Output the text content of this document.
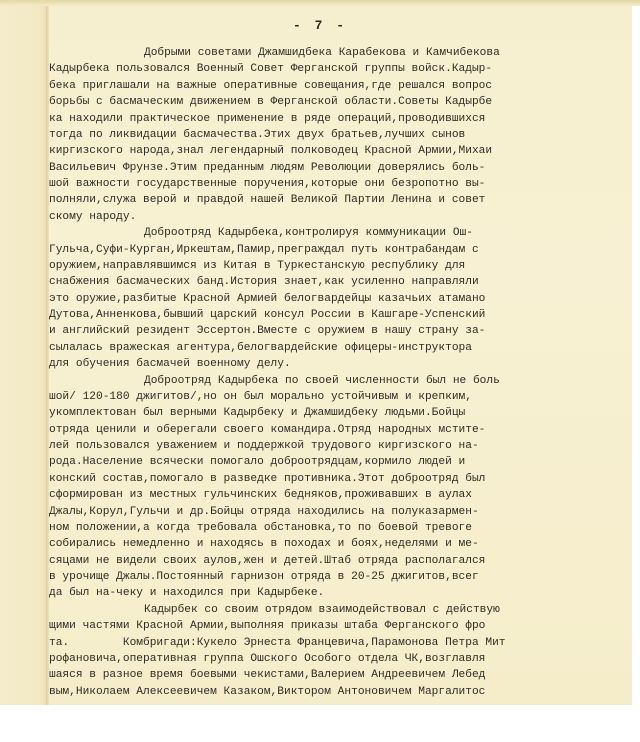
- 7 -
Добрыми советами Джамшидбека Карабекова и Камчибекова
Кадырбека пользовался Военный Совет Ферганской группы войск.Кадыр-
бека приглашали на важные оперативные совещания,где решался вопрос
борьбы с басмаческим движением в Ферганской области.Советы Кадырбе
ка находили практическое применение в ряде операций,проводившихся
тогда по ликвидации басмачества.Этих двух братьев,лучших сынов
киргизского народа,знал легендарный полководец Красной Армии,Михаи
Васильевич Фрунзе.Этим преданным людям Революции доверялись боль-
шой важности государственные поручения,которые они безропотно вы-
полняли,служа верой и правдой нашей Великой Партии Ленина и совет
скому народу.
Доброотряд Кадырбека,контролируя коммуникации Ош-
Гульча,Суфи-Курган,Иркештам,Памир,преграждал путь контрабандам с
оружием,направлявшимся из Китая в Туркестанскую республику для
снабжения басмаческих банд.История знает,как усиленно направляли
это оружие,разбитые Красной Армией белогвардейцы казачьих атамано
Дутова,Анненкова,бывший царский консул России в Кашгаре-Успенский
и английский резидент Эссертон.Вместе с оружием в нашу страну за-
сылалась вражеская агентура,белогвардейские офицеры-инструктора
для обучения басмачей военному делу.
Доброотряд Кадырбека по своей численности был не боль
шой/ 120-180 джигитов/,но он был морально устойчивым и крепким,
укомплектован был верными Кадырбеку и Джамшидбеку людьми.Бойцы
отряда ценили и оберегали своего командира.Отряд народных мстите-
лей пользовался уважением и поддержкой трудового киргизского на-
рода.Население всячески помогало доброотрядцам,кормило людей и
конский состав,помогало в разведке противника.Этот доброотряд был
сформирован из местных гульчинских бедняков,проживавших в аулах
Джалы,Корул,Гульчи и др.Бойцы отряда находились на полуказармен-
ном положении,а когда требовала обстановка,то по боевой тревоге
собирались немедленно и находясь в походах и боях,неделями и ме-
сяцами не видели своих аулов,жен и детей.Штаб отряда располагался
в урочище Джалы.Постоянный гарнизон отряда в 20-25 джигитов,всег
да был на-чеку и находился при Кадырбеке.
Кадырбек со своим отрядом взаимодействовал с действую
щими частями Красной Армии,выполняя приказы штаба Ферганского фро
та.        Комбригади:Кукело Эрнеста Францевича,Парамонова Петра Мит
рофановича,оперативная группа Ошского Особого отдела ЧК,возглавля
шаяся в разное время боевыми чекистами,Валерием Андреевичем Лебед
вым,Николаем Алексеевичем Казаком,Виктором Антоновичем Маргалитос
